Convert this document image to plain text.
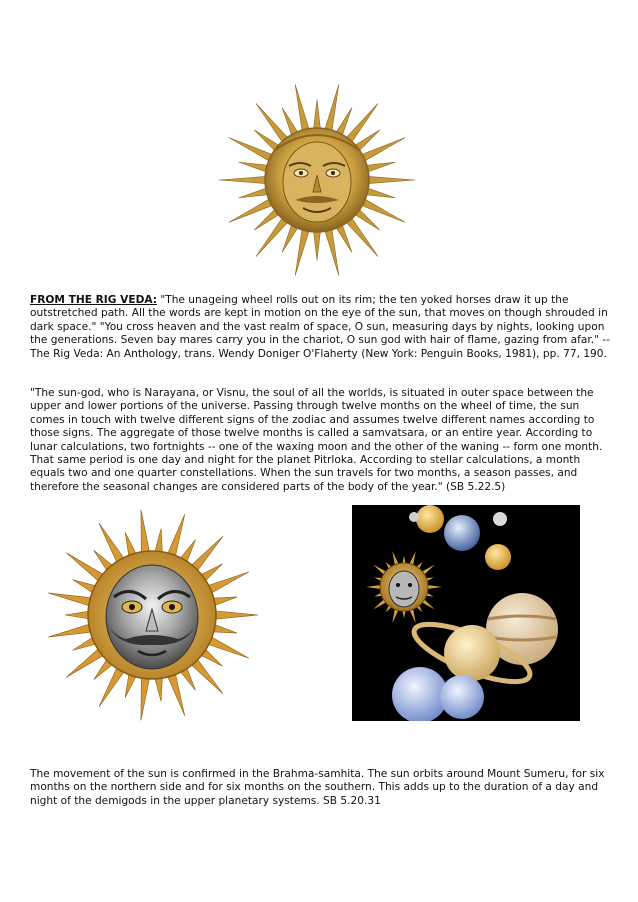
FROM THE RIG VEDA: "The unageing wheel rolls out on its rim; the ten yoked horses draw it up the outstretched path. All the words are kept in motion on the eye of the sun, that moves on though shrouded in dark space." "You cross heaven and the vast realm of space, O sun, measuring days by nights, looking upon the generations. Seven bay mares carry you in the chariot, O sun god with hair of flame, gazing from afar." --The Rig Veda: An Anthology, trans. Wendy Doniger O'Flaherty (New York: Penguin Books, 1981), pp. 77, 190.

"The sun-god, who is Narayana, or Visnu, the soul of all the worlds, is situated in outer space between the upper and lower portions of the universe. Passing through twelve months on the wheel of time, the sun comes in touch with twelve different signs of the zodiac and assumes twelve different names according to those signs. The aggregate of those twelve months is called a samvatsara, or an entire year. According to lunar calculations, two fortnights -- one of the waxing moon and the other of the waning -- form one month. That same period is one day and night for the planet Pitrloka. According to stellar calculations, a month equals two and one quarter constellations. When the sun travels for two months, a season passes, and therefore the seasonal changes are considered parts of the body of the year." (SB 5.22.5)

The movement of the sun is confirmed in the Brahma-samhita. The sun orbits around Mount Sumeru, for six months on the northern side and for six months on the southern. This adds up to the duration of a day and night of the demigods in the upper planetary systems. SB 5.20.31
